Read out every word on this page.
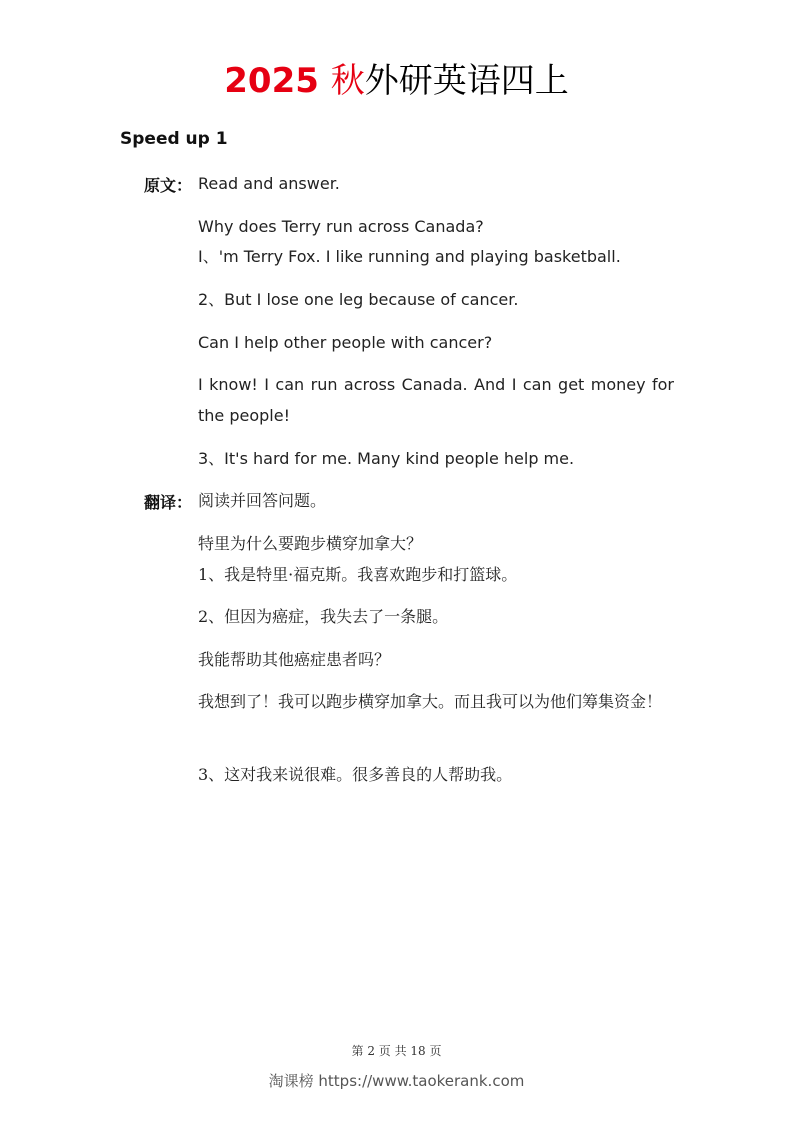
2025 秋外研英语四上
Speed up 1
原文： Read and answer.

Why does Terry run across Canada?

I、'm Terry Fox. I like running and playing basketball.

2、But I lose one leg because of cancer.

Can I help other people with cancer?

I know! I can run across Canada. And I can get money for the people!

3、It's hard for me. Many kind people help me.

翻译： 阅读并回答问题。

特里为什么要跑步横穿加拿大？

1、我是特里·福克斯。我喜欢跑步和打篮球。

2、但因为癌症，我失去了一条腿。

我能帮助其他癌症患者吗？

我想到了！我可以跑步横穿加拿大。而且我可以为他们筹集资金！

3、这对我来说很难。很多善良的人帮助我。

第 2 页 共 18 页
淘课榜 https://www.taokerank.com
